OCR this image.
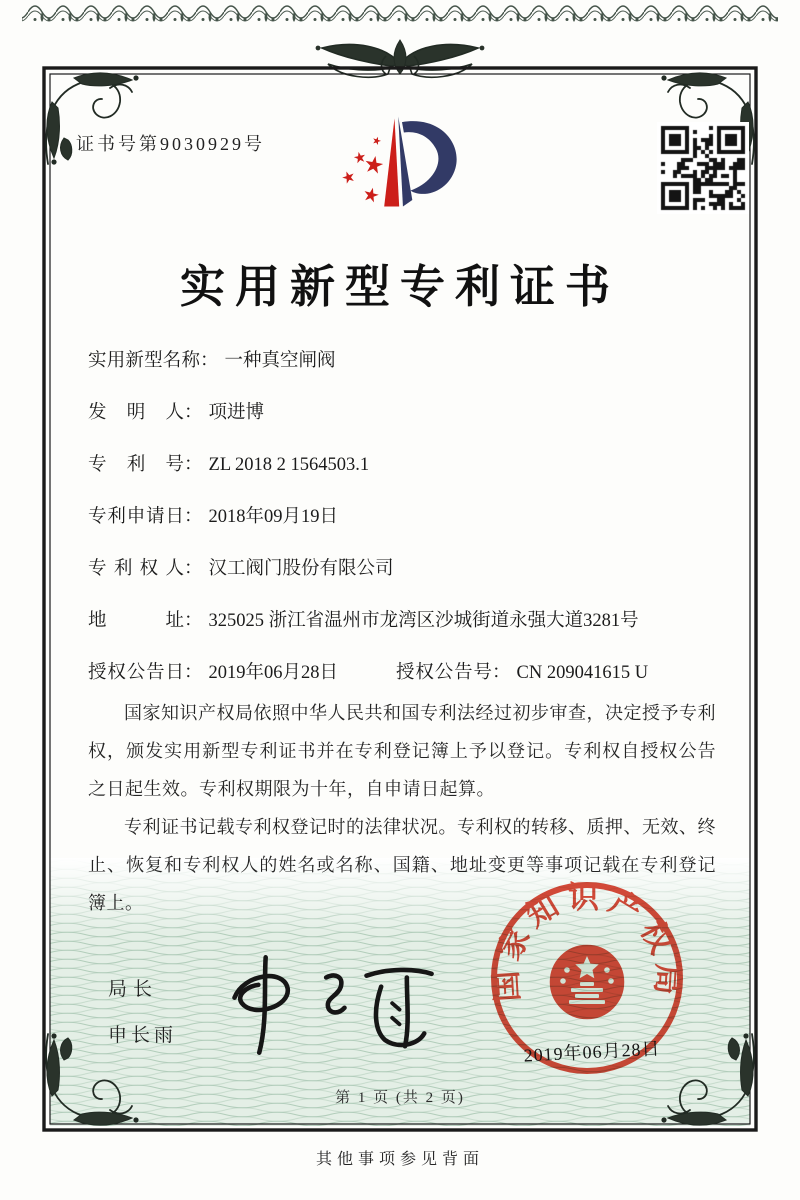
证书号第9030929号
实用新型专利证书
实用新型名称： 一种真空闸阀
发明人： 项进博
专利号： ZL 2018 2 1564503.1
专利申请日： 2018年09月19日
专利权人： 汉工阀门股份有限公司
地址： 325025 浙江省温州市龙湾区沙城街道永强大道3281号
授权公告日： 2019年06月28日	授权公告号： CN 209041615 U

国家知识产权局依照中华人民共和国专利法经过初步审查，决定授予专利权，颁发实用新型专利证书并在专利登记簿上予以登记。专利权自授权公告之日起生效。专利权期限为十年，自申请日起算。

专利证书记载专利权登记时的法律状况。专利权的转移、质押、无效、终止、恢复和专利权人的姓名或名称、国籍、地址变更等事项记载在专利登记簿上。

局长
申长雨
国家知识产权局
2019年06月28日
第 1 页 (共 2 页)
其他事项参见背面
